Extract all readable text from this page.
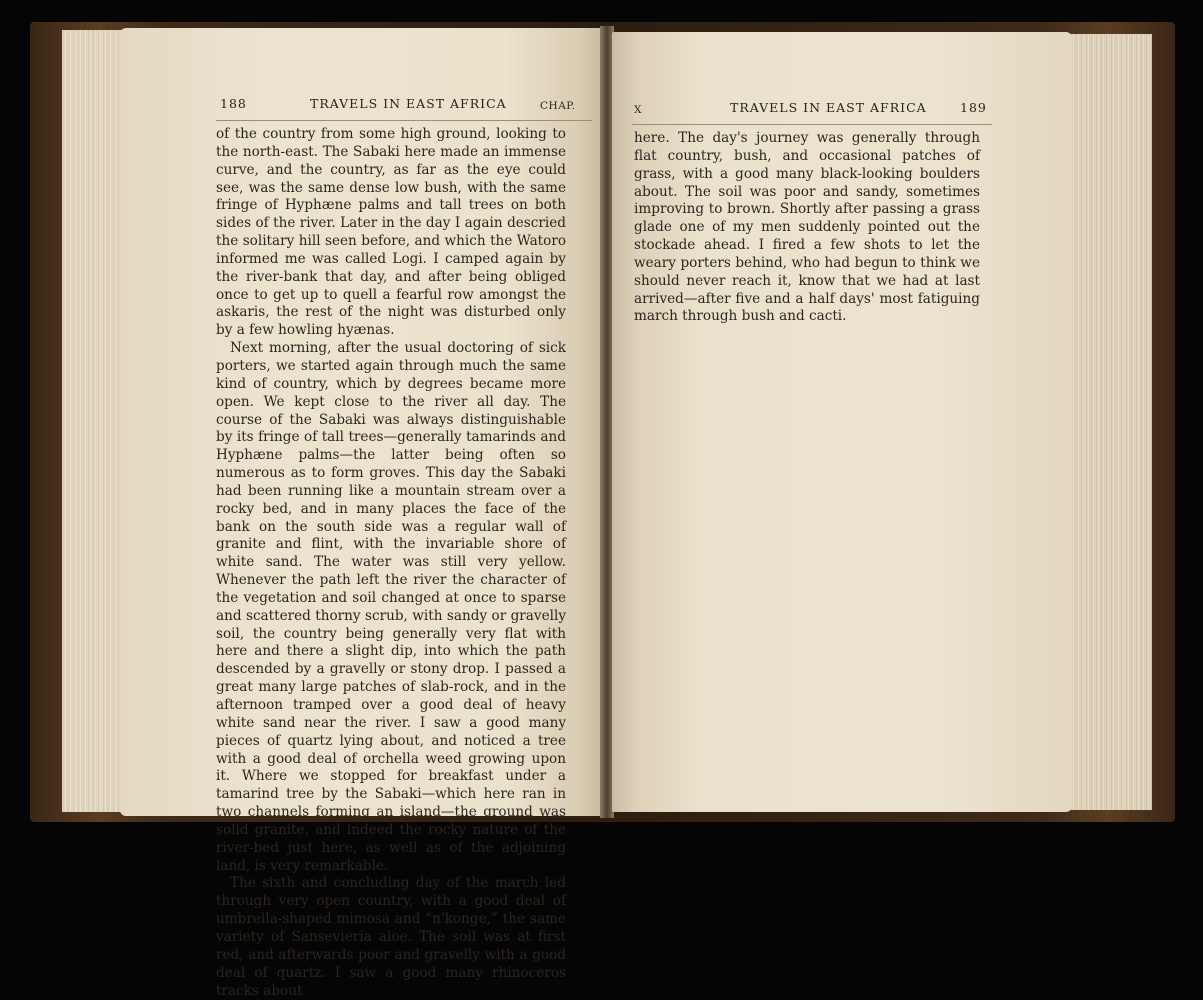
188	TRAVELS IN EAST AFRICA	CHAP.

of the country from some high ground, looking to the north-east. The Sabaki here made an immense curve, and the country, as far as the eye could see, was the same dense low bush, with the same fringe of Hyphæne palms and tall trees on both sides of the river. Later in the day I again descried the solitary hill seen before, and which the Watoro informed me was called Logi. I camped again by the river-bank that day, and after being obliged once to get up to quell a fearful row amongst the askaris, the rest of the night was disturbed only by a few howling hyænas.

Next morning, after the usual doctoring of sick porters, we started again through much the same kind of country, which by degrees became more open. We kept close to the river all day. The course of the Sabaki was always distinguishable by its fringe of tall trees—generally tamarinds and Hyphæne palms—the latter being often so numerous as to form groves. This day the Sabaki had been running like a mountain stream over a rocky bed, and in many places the face of the bank on the south side was a regular wall of granite and flint, with the invariable shore of white sand. The water was still very yellow. Whenever the path left the river the character of the vegetation and soil changed at once to sparse and scattered thorny scrub, with sandy or gravelly soil, the country being generally very flat with here and there a slight dip, into which the path descended by a gravelly or stony drop. I passed a great many large patches of slab-rock, and in the afternoon tramped over a good deal of heavy white sand near the river. I saw a good many pieces of quartz lying about, and noticed a tree with a good deal of orchella weed growing upon it. Where we stopped for breakfast under a tamarind tree by the Sabaki—which here ran in two channels forming an island—the ground was solid granite, and indeed the rocky nature of the river-bed just here, as well as of the adjoining land, is very remarkable.

The sixth and concluding day of the march led through very open country, with a good deal of umbrella-shaped mimosa and “n'konge,” the same variety of Sansevieria aloe. The soil was at first red, and afterwards poor and gravelly with a good deal of quartz. I saw a good many rhinoceros tracks about

X	TRAVELS IN EAST AFRICA	189

here. The day's journey was generally through flat country, bush, and occasional patches of grass, with a good many black-looking boulders about. The soil was poor and sandy, sometimes improving to brown. Shortly after passing a grass glade one of my men suddenly pointed out the stockade ahead. I fired a few shots to let the weary porters behind, who had begun to think we should never reach it, know that we had at last arrived—after five and a half days' most fatiguing march through bush and cacti.
